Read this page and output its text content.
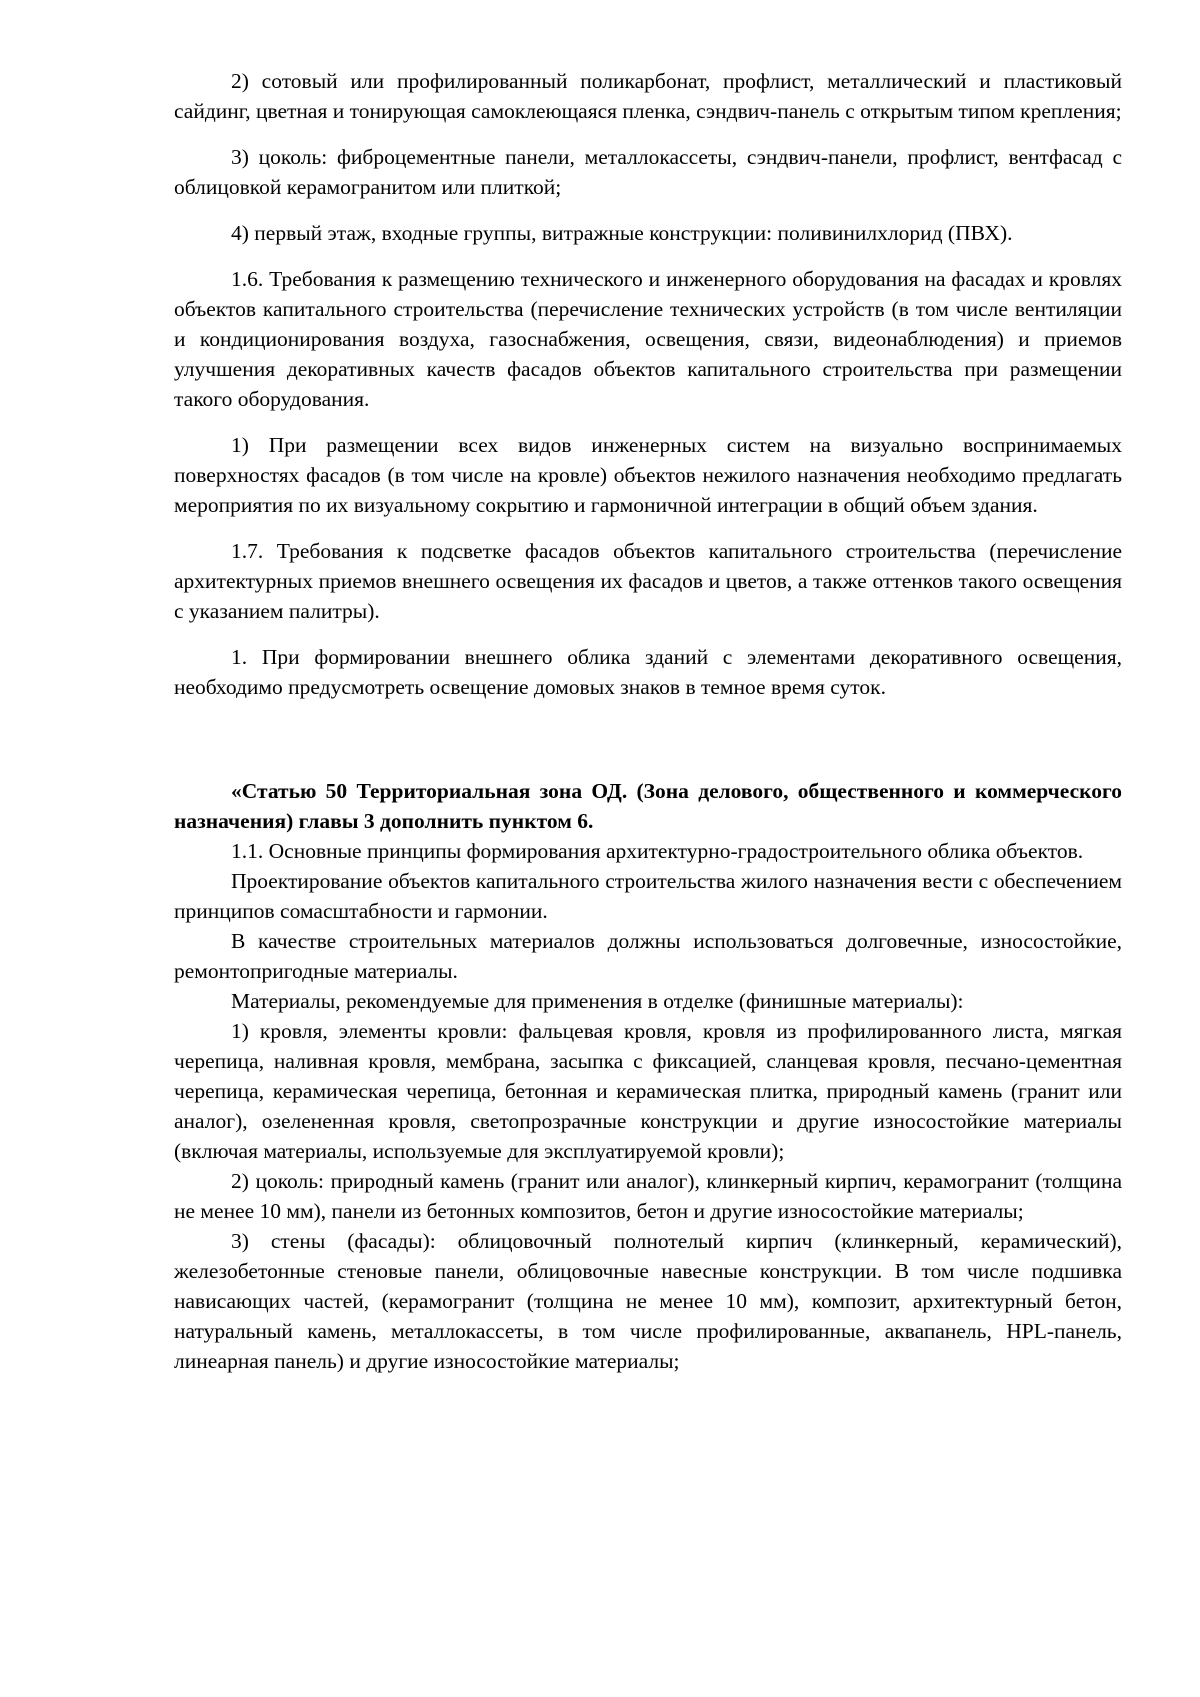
2) сотовый или профилированный поликарбонат, профлист, металлический и пластиковый сайдинг, цветная и тонирующая самоклеющаяся пленка, сэндвич-панель с открытым типом крепления;

3) цоколь: фиброцементные панели, металлокассеты, сэндвич-панели, профлист, вентфасад с облицовкой керамогранитом или плиткой;

4) первый этаж, входные группы, витражные конструкции: поливинилхлорид (ПВХ).

1.6. Требования к размещению технического и инженерного оборудования на фасадах и кровлях объектов капитального строительства (перечисление технических устройств (в том числе вентиляции и кондиционирования воздуха, газоснабжения, освещения, связи, видеонаблюдения) и приемов улучшения декоративных качеств фасадов объектов капитального строительства при размещении такого оборудования.

1) При размещении всех видов инженерных систем на визуально воспринимаемых поверхностях фасадов (в том числе на кровле) объектов нежилого назначения необходимо предлагать мероприятия по их визуальному сокрытию и гармоничной интеграции в общий объем здания.

1.7. Требования к подсветке фасадов объектов капитального строительства (перечисление архитектурных приемов внешнего освещения их фасадов и цветов, а также оттенков такого освещения с указанием палитры).

1. При формировании внешнего облика зданий с элементами декоративного освещения, необходимо предусмотреть освещение домовых знаков в темное время суток.

«Статью 50 Территориальная зона ОД. (Зона делового, общественного и коммерческого назначения) главы 3 дополнить пунктом 6.

1.1. Основные принципы формирования архитектурно-градостроительного облика объектов.

Проектирование объектов капитального строительства жилого назначения вести с обеспечением принципов сомасштабности и гармонии.

В качестве строительных материалов должны использоваться долговечные, износостойкие, ремонтопригодные материалы.

Материалы, рекомендуемые для применения в отделке (финишные материалы):

1) кровля, элементы кровли: фальцевая кровля, кровля из профилированного листа, мягкая черепица, наливная кровля, мембрана, засыпка с фиксацией, сланцевая кровля, песчано-цементная черепица, керамическая черепица, бетонная и керамическая плитка, природный камень (гранит или аналог), озелененная кровля, светопрозрачные конструкции и другие износостойкие материалы (включая материалы, используемые для эксплуатируемой кровли);

2) цоколь: природный камень (гранит или аналог), клинкерный кирпич, керамогранит (толщина не менее 10 мм), панели из бетонных композитов, бетон и другие износостойкие материалы;

3) стены (фасады): облицовочный полнотелый кирпич (клинкерный, керамический), железобетонные стеновые панели, облицовочные навесные конструкции. В том числе подшивка нависающих частей, (керамогранит (толщина не менее 10 мм), композит, архитектурный бетон, натуральный камень, металлокассеты, в том числе профилированные, аквапанель, HPL-панель, линеарная панель) и другие износостойкие материалы;
